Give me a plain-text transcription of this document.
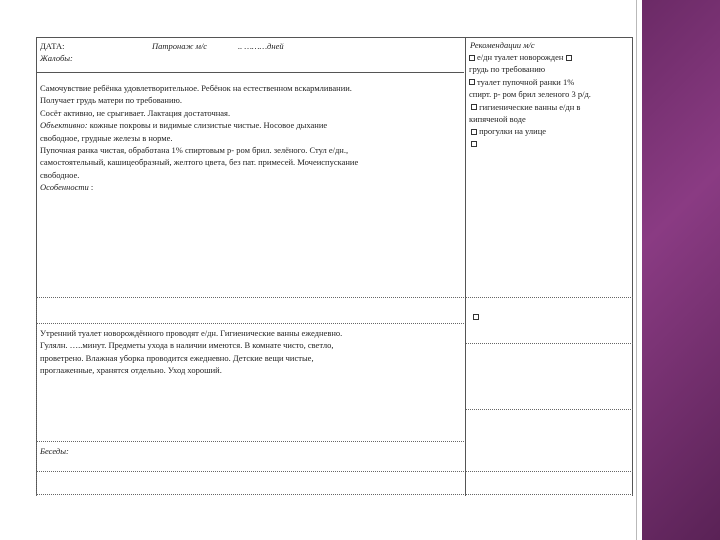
ДАТА:	Патронаж м/с	.. ………дней
Жалобы:

Самочувствие ребёнка удовлетворительное. Ребёнок на естественном вскармливании.

Получает грудь матери по требованию.

Сосёт активно, не срыгивает. Лактация достаточная.

Объективно: кожные покровы и видимые слизистые чистые. Носовое дыхание

свободное, грудные железы в норме.

Пупочная ранка чистая, обработана 1% спиртовым р- ром брил. зелёного. Стул е/дн.,

самостоятельный, кашицеобразный, желтого цвета, без пат. примесей. Мочеиспускание

свободное.

Особенности :

Утренний туалет новорождённого проводят е/дн. Гигиенические ванны ежедневно.

Гулялн. …..минут. Предметы ухода в наличии имеются. В комнате чисто, светло,

проветрено. Влажная уборка проводится ежедневно. Детские вещи чистые,

проглаженные, хранятся отдельно. Уход хороший.

Беседы:

Рекомендации м/с

е/дн туалет новорожден

грудь по требованию

туалет пупочной ранки 1%

спирт. р- ром брил зеленого 3 р/д.

гигиенические ванны е/дн в

кипяченой воде

прогулки на улице
